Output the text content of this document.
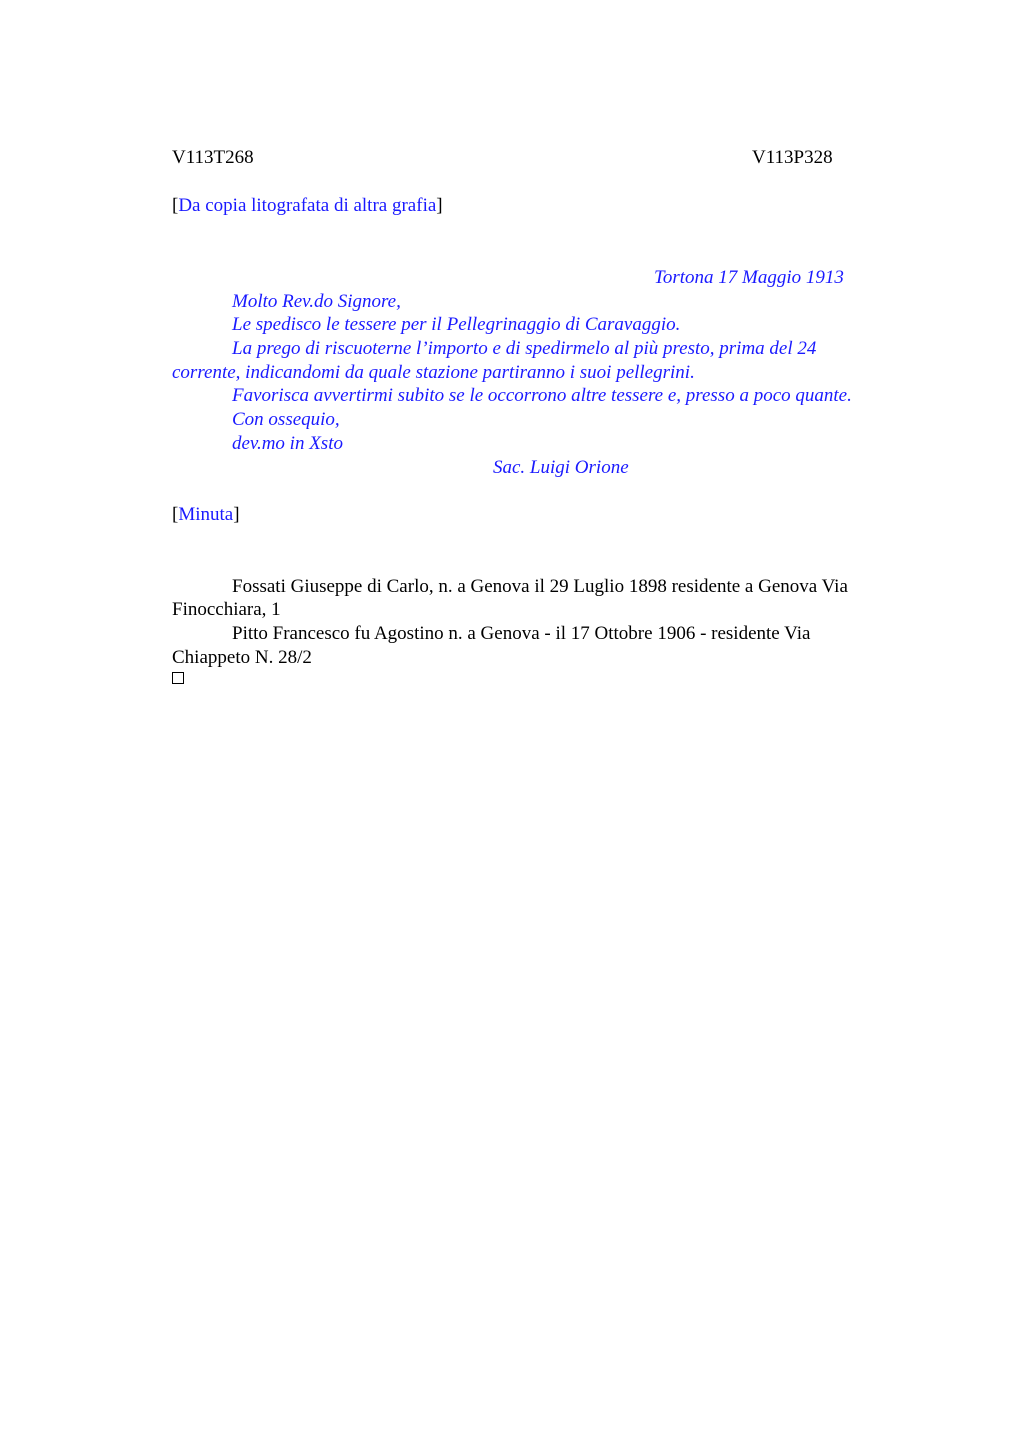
V113T268	V113P328
[Da copia litografata di altra grafia]
Tortona 17 Maggio 1913
Molto Rev.do Signore,
Le spedisco le tessere per il Pellegrinaggio di Caravaggio.
La prego di riscuoterne l’importo e di spedirmelo al più presto, prima del 24
corrente, indicandomi da quale stazione partiranno i suoi pellegrini.
Favorisca avvertirmi subito se le occorrono altre tessere e, presso a poco quante.
Con ossequio,
dev.mo in Xsto
Sac. Luigi Orione
[Minuta]
Fossati Giuseppe di Carlo, n. a Genova il 29 Luglio 1898 residente a Genova Via
Finocchiara, 1
Pitto Francesco fu Agostino n. a Genova - il 17 Ottobre 1906 - residente Via
Chiappeto N. 28/2
